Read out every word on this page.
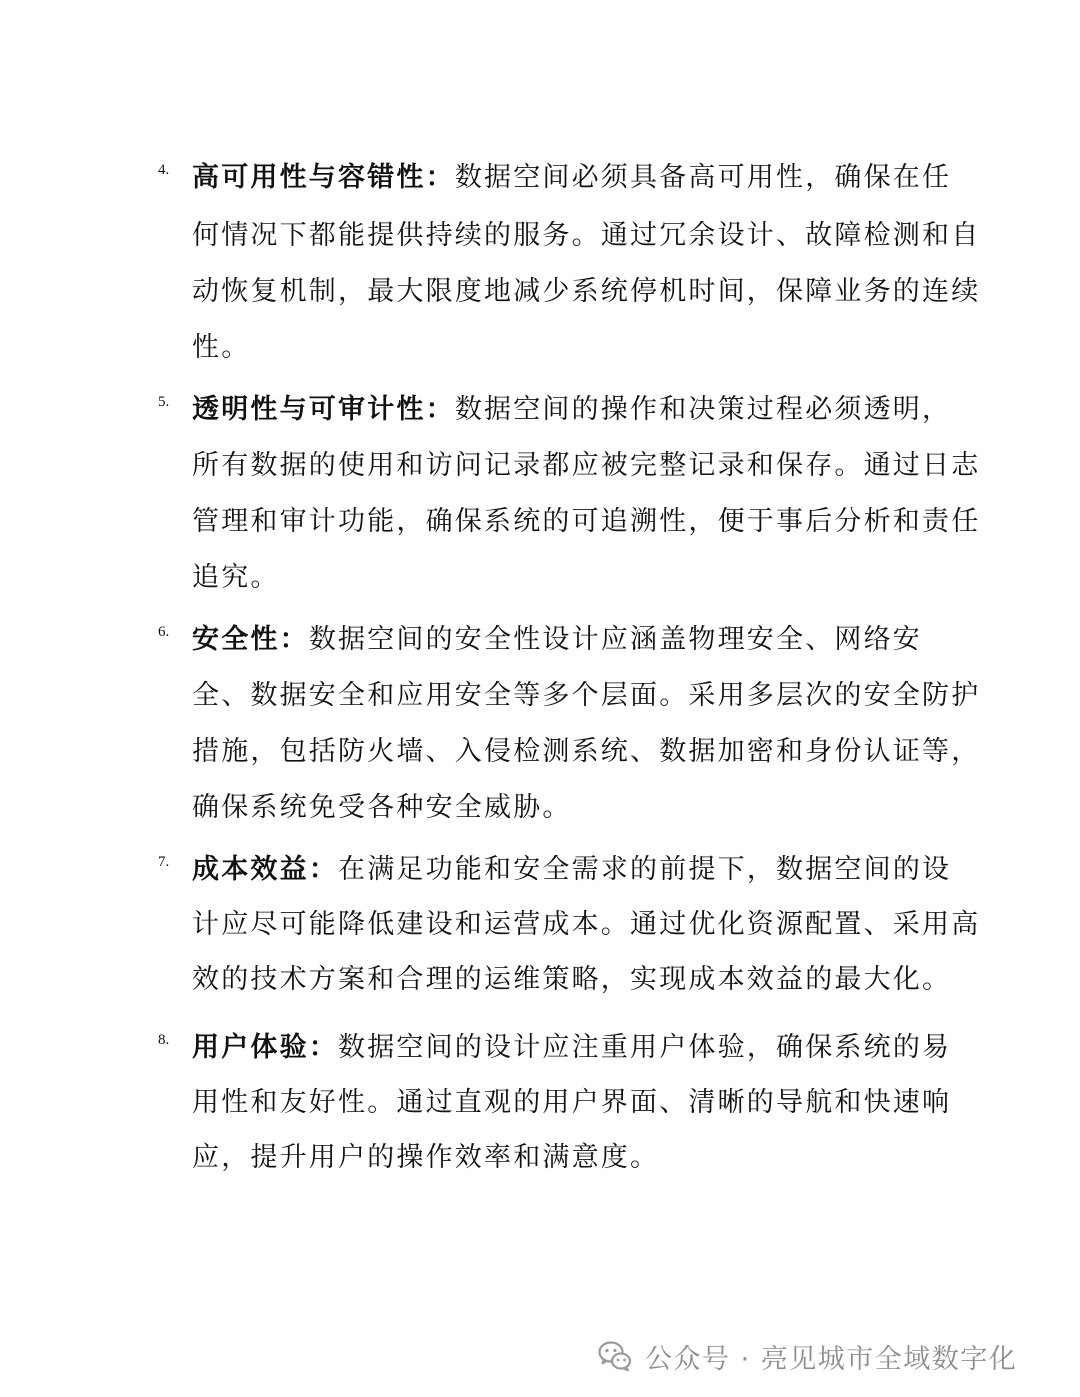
4. 高可用性与容错性：数据空间必须具备高可用性，确保在任
何情况下都能提供持续的服务。通过冗余设计、故障检测和自
动恢复机制，最大限度地减少系统停机时间，保障业务的连续
性。
5. 透明性与可审计性：数据空间的操作和决策过程必须透明，
所有数据的使用和访问记录都应被完整记录和保存。通过日志
管理和审计功能，确保系统的可追溯性，便于事后分析和责任
追究。
6. 安全性：数据空间的安全性设计应涵盖物理安全、网络安
全、数据安全和应用安全等多个层面。采用多层次的安全防护
措施，包括防火墙、入侵检测系统、数据加密和身份认证等，
确保系统免受各种安全威胁。
7. 成本效益：在满足功能和安全需求的前提下，数据空间的设
计应尽可能降低建设和运营成本。通过优化资源配置、采用高
效的技术方案和合理的运维策略，实现成本效益的最大化。
8. 用户体验：数据空间的设计应注重用户体验，确保系统的易
用性和友好性。通过直观的用户界面、清晰的导航和快速响
应，提升用户的操作效率和满意度。
公众号 · 亮见城市全域数字化
